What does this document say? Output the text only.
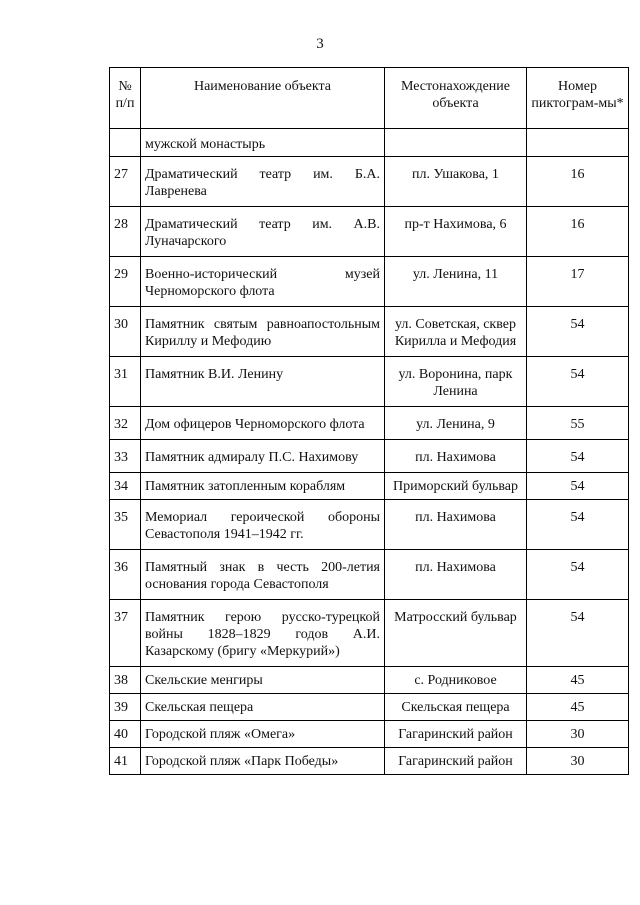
3
№ п/п	Наименование объекта	Местонахождение объекта	Номер пиктограм-мы*
	мужской монастырь		
27	Драматический театр им. Б.А. Лавренева	пл. Ушакова, 1	16
28	Драматический театр им. А.В. Луначарского	пр-т Нахимова, 6	16
29	Военно-исторический музей Черноморского флота	ул. Ленина, 11	17
30	Памятник святым равноапостольным Кириллу и Мефодию	ул. Советская, сквер Кирилла и Мефодия	54
31	Памятник В.И. Ленину	ул. Воронина, парк Ленина	54
32	Дом офицеров Черноморского флота	ул. Ленина, 9	55
33	Памятник адмиралу П.С. Нахимову	пл. Нахимова	54
34	Памятник затопленным кораблям	Приморский бульвар	54
35	Мемориал героической обороны Севастополя 1941–1942 гг.	пл. Нахимова	54
36	Памятный знак в честь 200-летия основания города Севастополя	пл. Нахимова	54
37	Памятник герою русско-турецкой войны 1828–1829 годов А.И. Казарскому (бригу «Меркурий»)	Матросский бульвар	54
38	Скельские менгиры	с. Родниковое	45
39	Скельская пещера	Скельская пещера	45
40	Городской пляж «Омега»	Гагаринский район	30
41	Городской пляж «Парк Победы»	Гагаринский район	30
